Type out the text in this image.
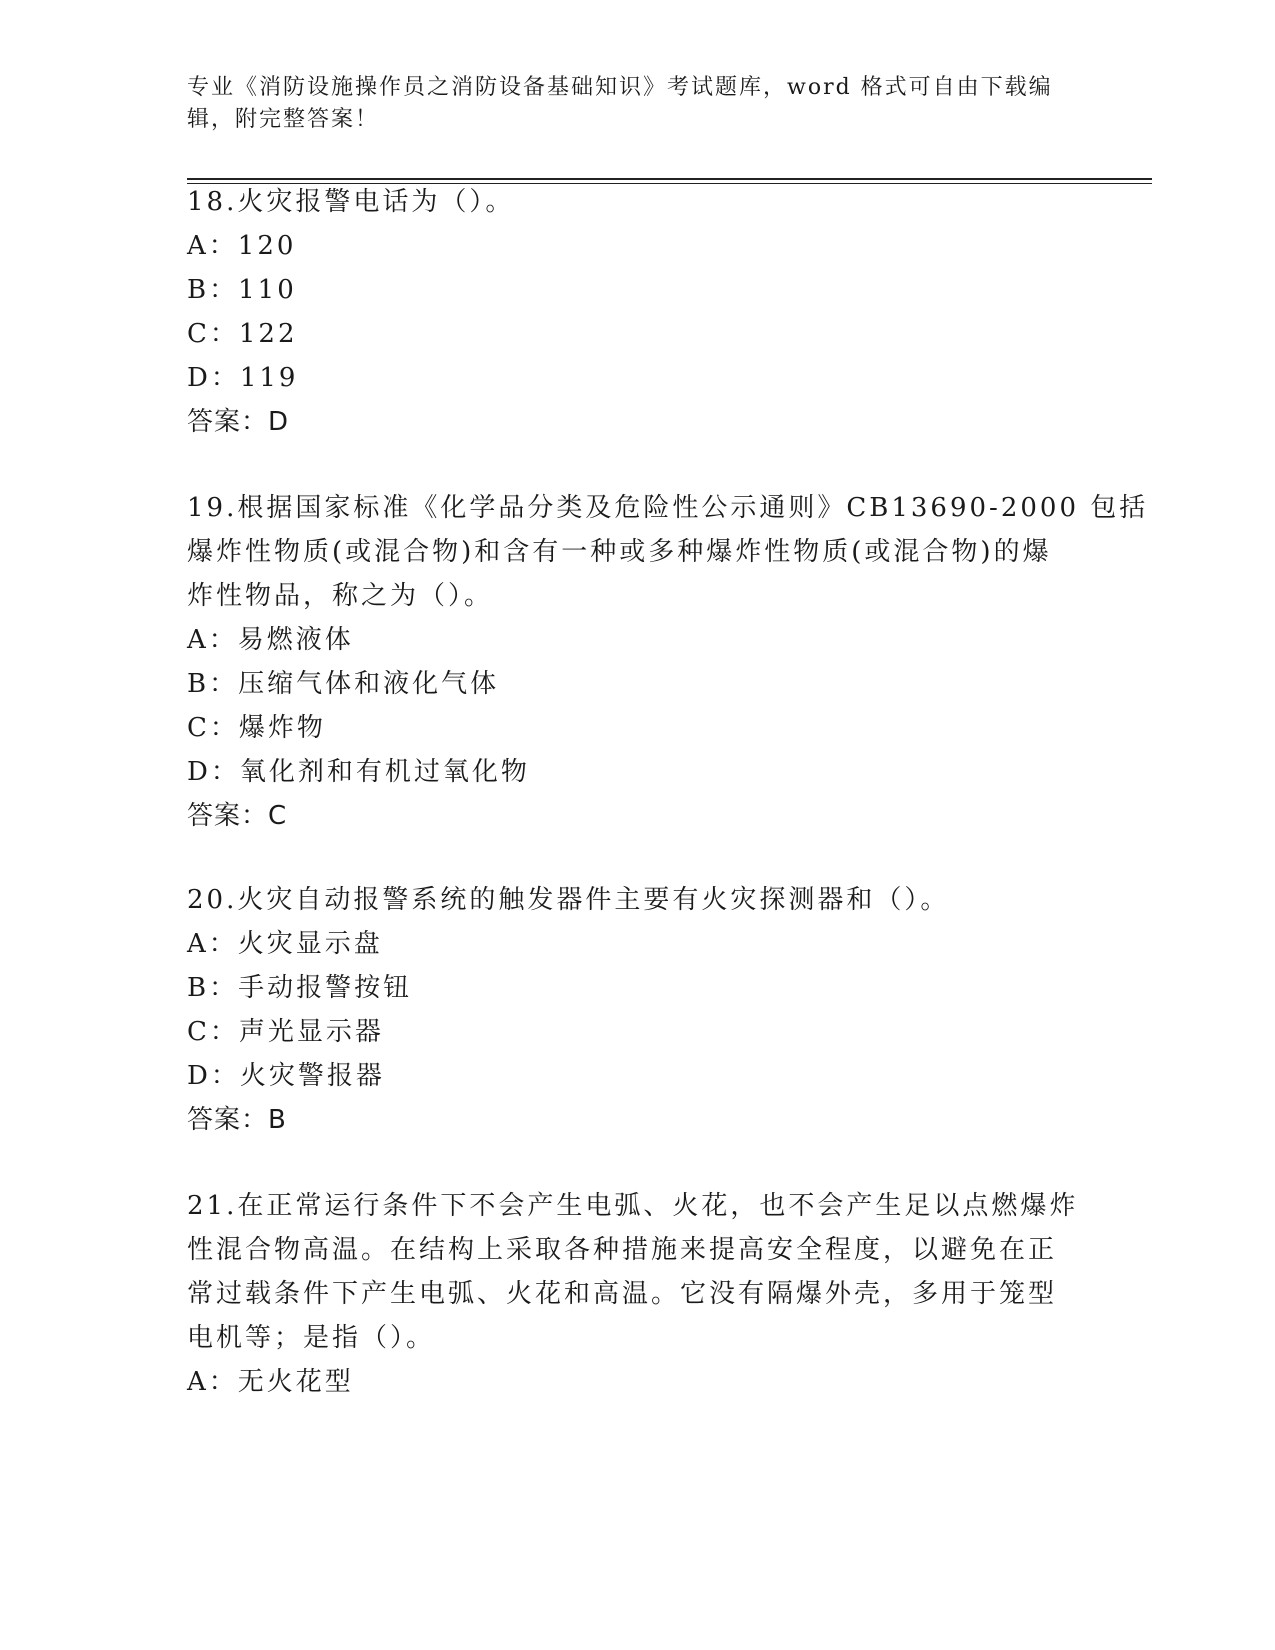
专业《消防设施操作员之消防设备基础知识》考试题库，word 格式可自由下载编
辑，附完整答案！
18.火灾报警电话为（）。
A：120
B：110
C：122
D：119
答案：D
19.根据国家标准《化学品分类及危险性公示通则》CB13690-2000 包括
爆炸性物质(或混合物)和含有一种或多种爆炸性物质(或混合物)的爆
炸性物品，称之为（）。
A：易燃液体
B：压缩气体和液化气体
C：爆炸物
D：氧化剂和有机过氧化物
答案：C
20.火灾自动报警系统的触发器件主要有火灾探测器和（）。
A：火灾显示盘
B：手动报警按钮
C：声光显示器
D：火灾警报器
答案：B
21.在正常运行条件下不会产生电弧、火花，也不会产生足以点燃爆炸
性混合物高温。在结构上采取各种措施来提高安全程度，以避免在正
常过载条件下产生电弧、火花和高温。它没有隔爆外壳，多用于笼型
电机等；是指（）。
A：无火花型
